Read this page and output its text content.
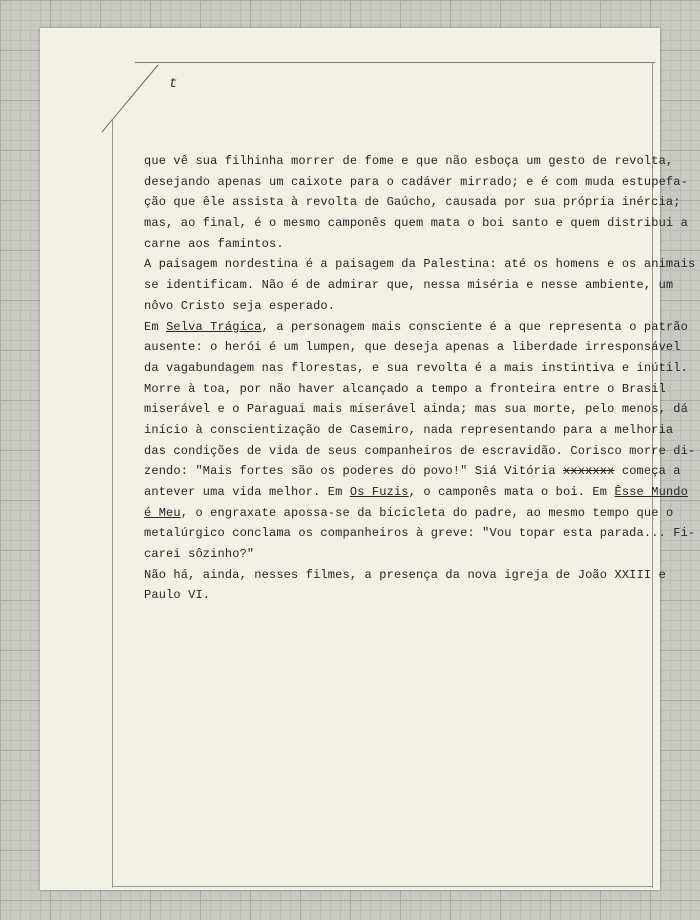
t
que vê sua filhinha morrer de fome e que não esboça um gesto de revolta,
desejando apenas um caixote para o cadáver mirrado; e é com muda estupefa-
ção que êle assista à revolta de Gaúcho, causada por sua própria inércia;
mas, ao final, é o mesmo camponês quem mata o boi santo e quem distribui a
carne aos famintos.
A paisagem nordestina é a paisagem da Palestina: até os homens e os animais
se identificam. Não é de admirar que, nessa miséria e nesse ambiente, um
nôvo Cristo seja esperado.
Em Selva Trágica, a personagem mais consciente é a que representa o patrão
ausente: o herói é um lumpen, que deseja apenas a liberdade irresponsável
da vagabundagem nas florestas, e sua revolta é a mais instintiva e inútil.
Morre à toa, por não haver alcançado a tempo a fronteira entre o Brasil
miserável e o Paraguai mais miserável ainda; mas sua morte, pelo menos, dá
início à conscientização de Casemiro, nada representando para a melhoria
das condições de vida de seus companheiros de escravidão. Corisco morre di-
zendo: "Mais fortes são os poderes do povo!" Siá Vitória xxxxxxx começa a
antever uma vida melhor. Em Os Fuzis, o camponês mata o boi. Em Êsse Mundo
é Meu, o engraxate apossa-se da bicicleta do padre, ao mesmo tempo que o
metalúrgico conclama os companheiros à greve: "Vou topar esta parada... Fi-
carei sôzinho?"
Não há, ainda, nesses filmes, a presença da nova igreja de João XXIII e
Paulo VI.
